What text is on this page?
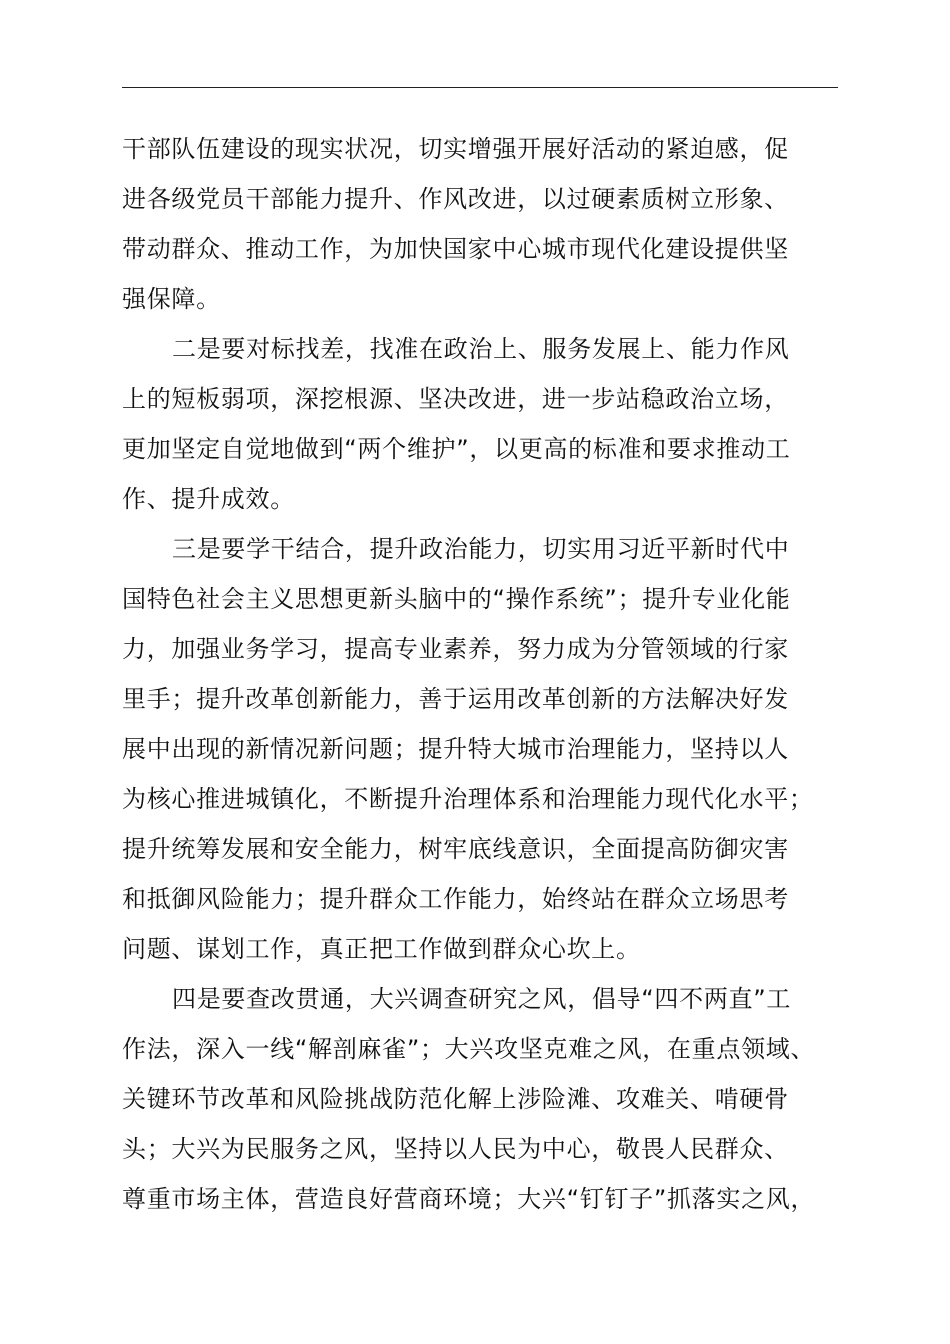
干部队伍建设的现实状况，切实增强开展好活动的紧迫感，促
进各级党员干部能力提升、作风改进，以过硬素质树立形象、
带动群众、推动工作，为加快国家中心城市现代化建设提供坚
强保障。
二是要对标找差，找准在政治上、服务发展上、能力作风
上的短板弱项，深挖根源、坚决改进，进一步站稳政治立场，
更加坚定自觉地做到“两个维护”，以更高的标准和要求推动工
作、提升成效。
三是要学干结合，提升政治能力，切实用习近平新时代中
国特色社会主义思想更新头脑中的“操作系统”；提升专业化能
力，加强业务学习，提高专业素养，努力成为分管领域的行家
里手；提升改革创新能力，善于运用改革创新的方法解决好发
展中出现的新情况新问题；提升特大城市治理能力，坚持以人
为核心推进城镇化，不断提升治理体系和治理能力现代化水平；
提升统筹发展和安全能力，树牢底线意识，全面提高防御灾害
和抵御风险能力；提升群众工作能力，始终站在群众立场思考
问题、谋划工作，真正把工作做到群众心坎上。
四是要查改贯通，大兴调查研究之风，倡导“四不两直”工
作法，深入一线“解剖麻雀”；大兴攻坚克难之风，在重点领域、
关键环节改革和风险挑战防范化解上涉险滩、攻难关、啃硬骨
头；大兴为民服务之风，坚持以人民为中心，敬畏人民群众、
尊重市场主体，营造良好营商环境；大兴“钉钉子”抓落实之风，
